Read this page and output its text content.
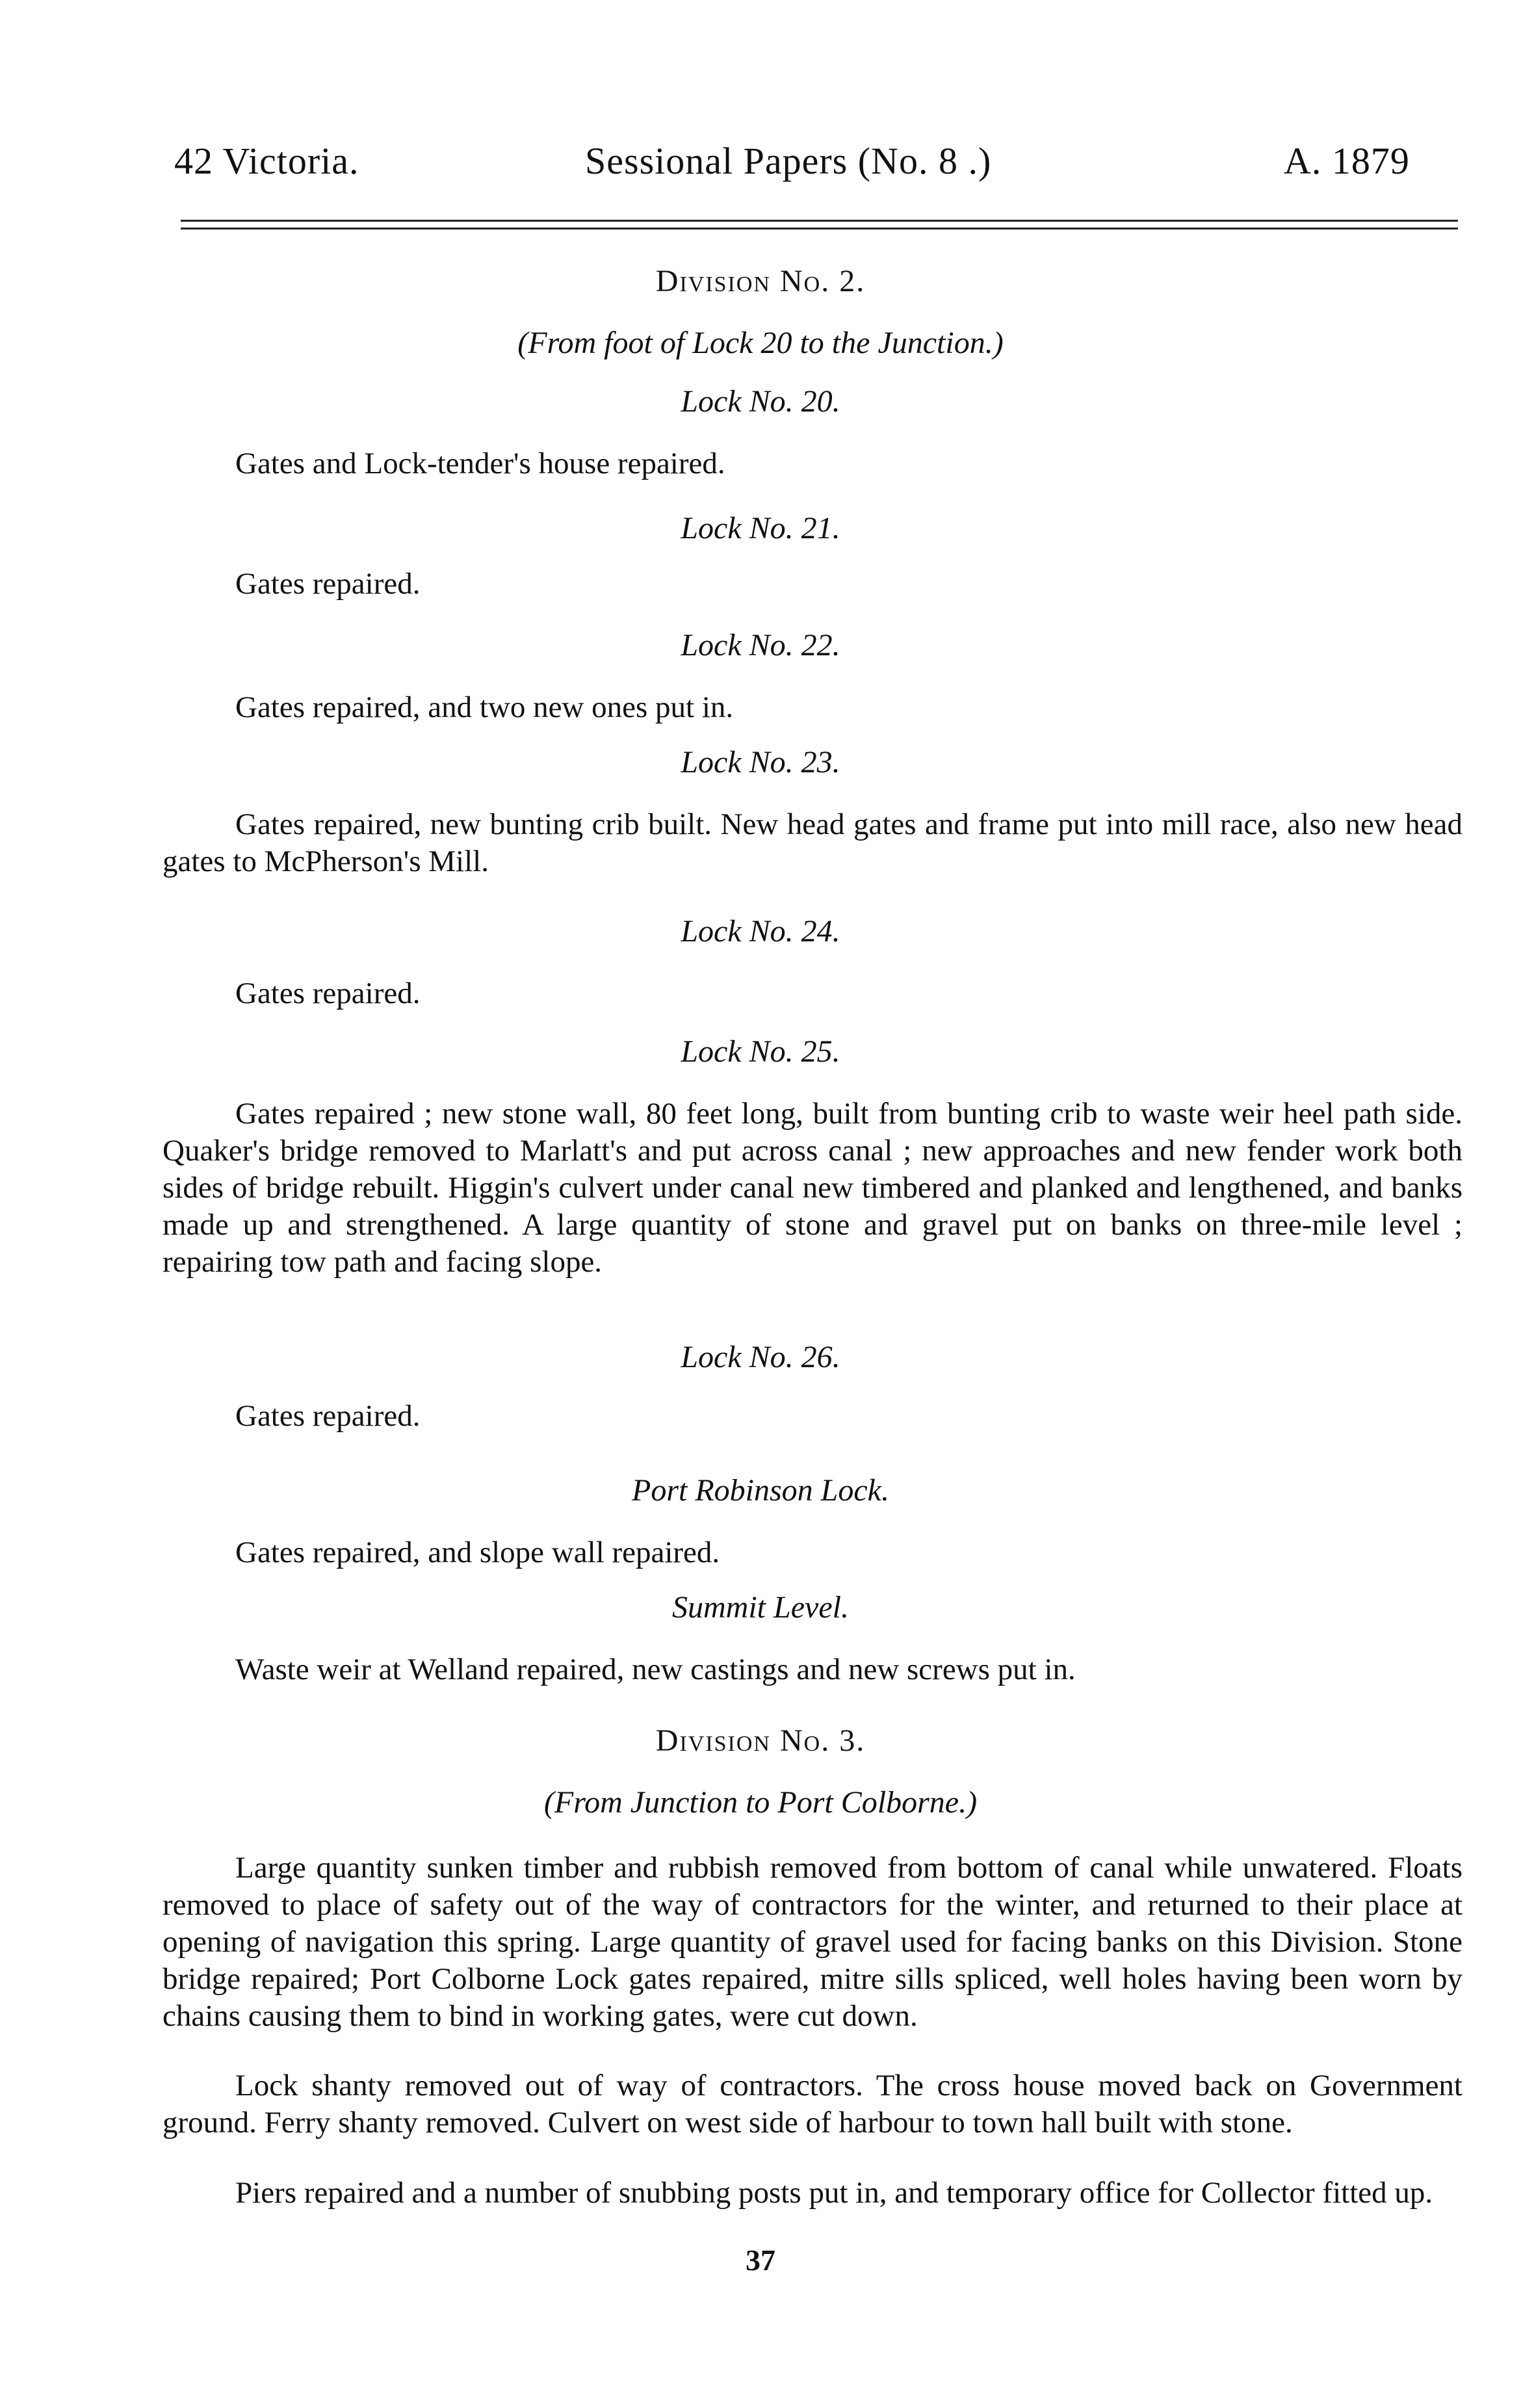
42 Victoria.	Sessional Papers (No. 8 .)	A. 1879
Division No. 2.
(From foot of Lock 20 to the Junction.)
Lock No. 20.
Gates and Lock-tender's house repaired.
Lock No. 21.
Gates repaired.
Lock No. 22.
Gates repaired, and two new ones put in.
Lock No. 23.
Gates repaired, new bunting crib built. New head gates and frame put into mill race, also new head gates to McPherson's Mill.
Lock No. 24.
Gates repaired.
Lock No. 25.
Gates repaired ; new stone wall, 80 feet long, built from bunting crib to waste weir heel path side. Quaker's bridge removed to Marlatt's and put across canal ; new approaches and new fender work both sides of bridge rebuilt. Higgin's culvert under canal new timbered and planked and lengthened, and banks made up and strengthened. A large quantity of stone and gravel put on banks on three-mile level ; repairing tow path and facing slope.
Lock No. 26.
Gates repaired.
Port Robinson Lock.
Gates repaired, and slope wall repaired.
Summit Level.
Waste weir at Welland repaired, new castings and new screws put in.
Division No. 3.
(From Junction to Port Colborne.)
Large quantity sunken timber and rubbish removed from bottom of canal while unwatered. Floats removed to place of safety out of the way of contractors for the winter, and returned to their place at opening of navigation this spring. Large quantity of gravel used for facing banks on this Division. Stone bridge repaired; Port Colborne Lock gates repaired, mitre sills spliced, well holes having been worn by chains causing them to bind in working gates, were cut down.
Lock shanty removed out of way of contractors. The cross house moved back on Government ground. Ferry shanty removed. Culvert on west side of harbour to town hall built with stone.
Piers repaired and a number of snubbing posts put in, and temporary office for Collector fitted up.
37
